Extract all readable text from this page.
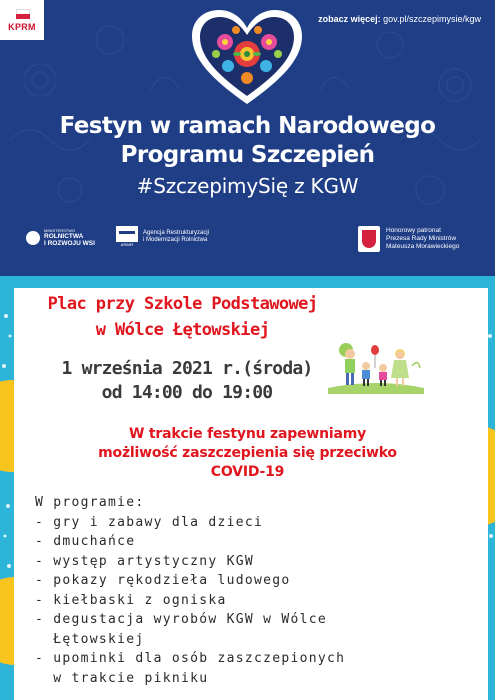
KPRM
zobacz więcej: gov.pl/szczepimysie/kgw
Festyn w ramach Narodowego
Programu Szczepień
#SzczepimySię z KGW
MINISTERSTWO
ROLNICTWA
I ROZWOJU WSI	ARiMR
Agencja Restrukturyzacji
i Modernizacji Rolnictwa
Honorowy patronat
Prezesa Rady Ministrów
Mateusza Morawieckiego
Plac przy Szkole Podstawowej
w Wólce Łętowskiej
1 września 2021 r.(środa)
od 14:00 do 19:00
W trakcie festynu zapewniamy
możliwość zaszczepienia się przeciwko
COVID-19
W programie:
- gry i zabawy dla dzieci
- dmuchańce
- występ artystyczny KGW
- pokazy rękodzieła ludowego
- kiełbaski z ogniska
- degustacja wyrobów KGW w Wólce
Łętowskiej
- upominki dla osób zaszczepionych
w trakcie pikniku
